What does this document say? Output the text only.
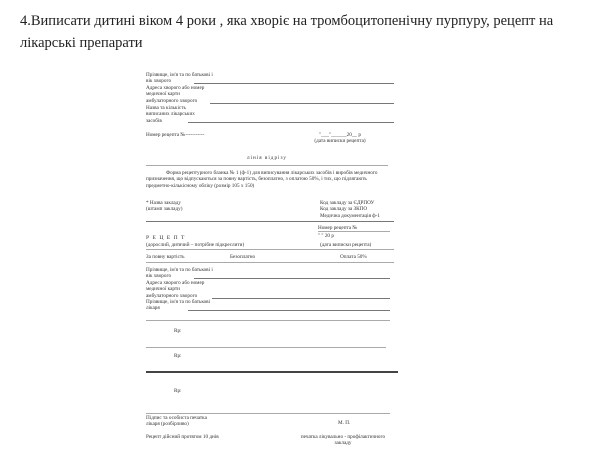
4.Виписати дитині віком 4 роки , яка хворіє на тромбоцитопенічну пурпуру, рецепт на лікарські препарати
Прізвище, ім'я та по батькові і
вік хворого
Адреса хворого або номер
медичної карти
амбулаторного хворого
Назва та кількість
виписаних лікарських
засобів
Номер рецепта №-----------	"___"______20__ р
(дата виписки рецепта)
лінія відрізу
Форма рецептурного бланка № 1 (ф-1) для виписування лікарських засобів і виробів медичного призначення, що відпускаються за повну вартість, безоплатно, з оплатою 50%, і тих, що підлягають предметно-кількісному обліку (розмір 105 х 150)
* Назва закладу
(штамп закладу)
Код закладу за ЄДРПОУ
Код закладу за ЗКПО
Медична документація ф-1
Номер рецепта №
Р Е Ц Е П Т
(дорослий, дитячий – потрібне підкреслити)
" " 20 р
(дата виписки рецепта)
За повну вартість	Безоплатно	Оплата 50%
Прізвище, ім'я та по батькові і
вік хворого
Адреса хворого або номер
медичної карти
амбулаторного хворого
Прізвище, ім'я та по батькові
лікаря
Rp:
Rp:
Rp:
Підпис та особиста печатка
лікаря (розбірливо)	М. П.
Рецепт дійсний протягом 10 днів	печатка лікувально - профілактичного
закладу
